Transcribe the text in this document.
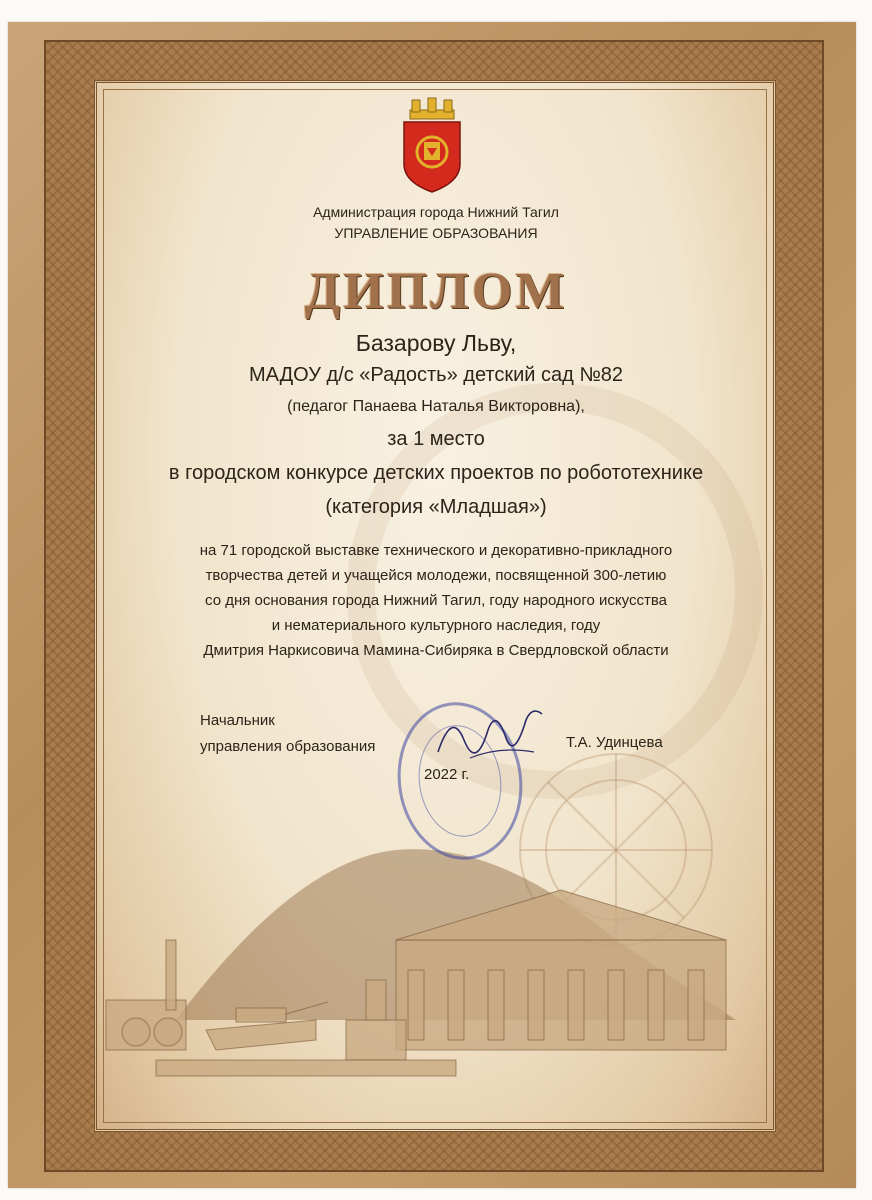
Администрация города Нижний Тагил
УПРАВЛЕНИЕ ОБРАЗОВАНИЯ
ДИПЛОМ
Базарову Льву,
МАДОУ д/с «Радость» детский сад №82
(педагог Панаева Наталья Викторовна),
за 1 место
в городском конкурсе детских проектов по робототехнике
(категория «Младшая»)
на 71 городской выставке технического и декоративно-прикладного
творчества детей и учащейся молодежи, посвященной 300-летию
со дня основания города Нижний Тагил, году народного искусства
и нематериального культурного наследия, году
Дмитрия Наркисовича Мамина-Сибиряка в Свердловской области
Начальник
управления образования	Т.А. Удинцева
2022 г.
